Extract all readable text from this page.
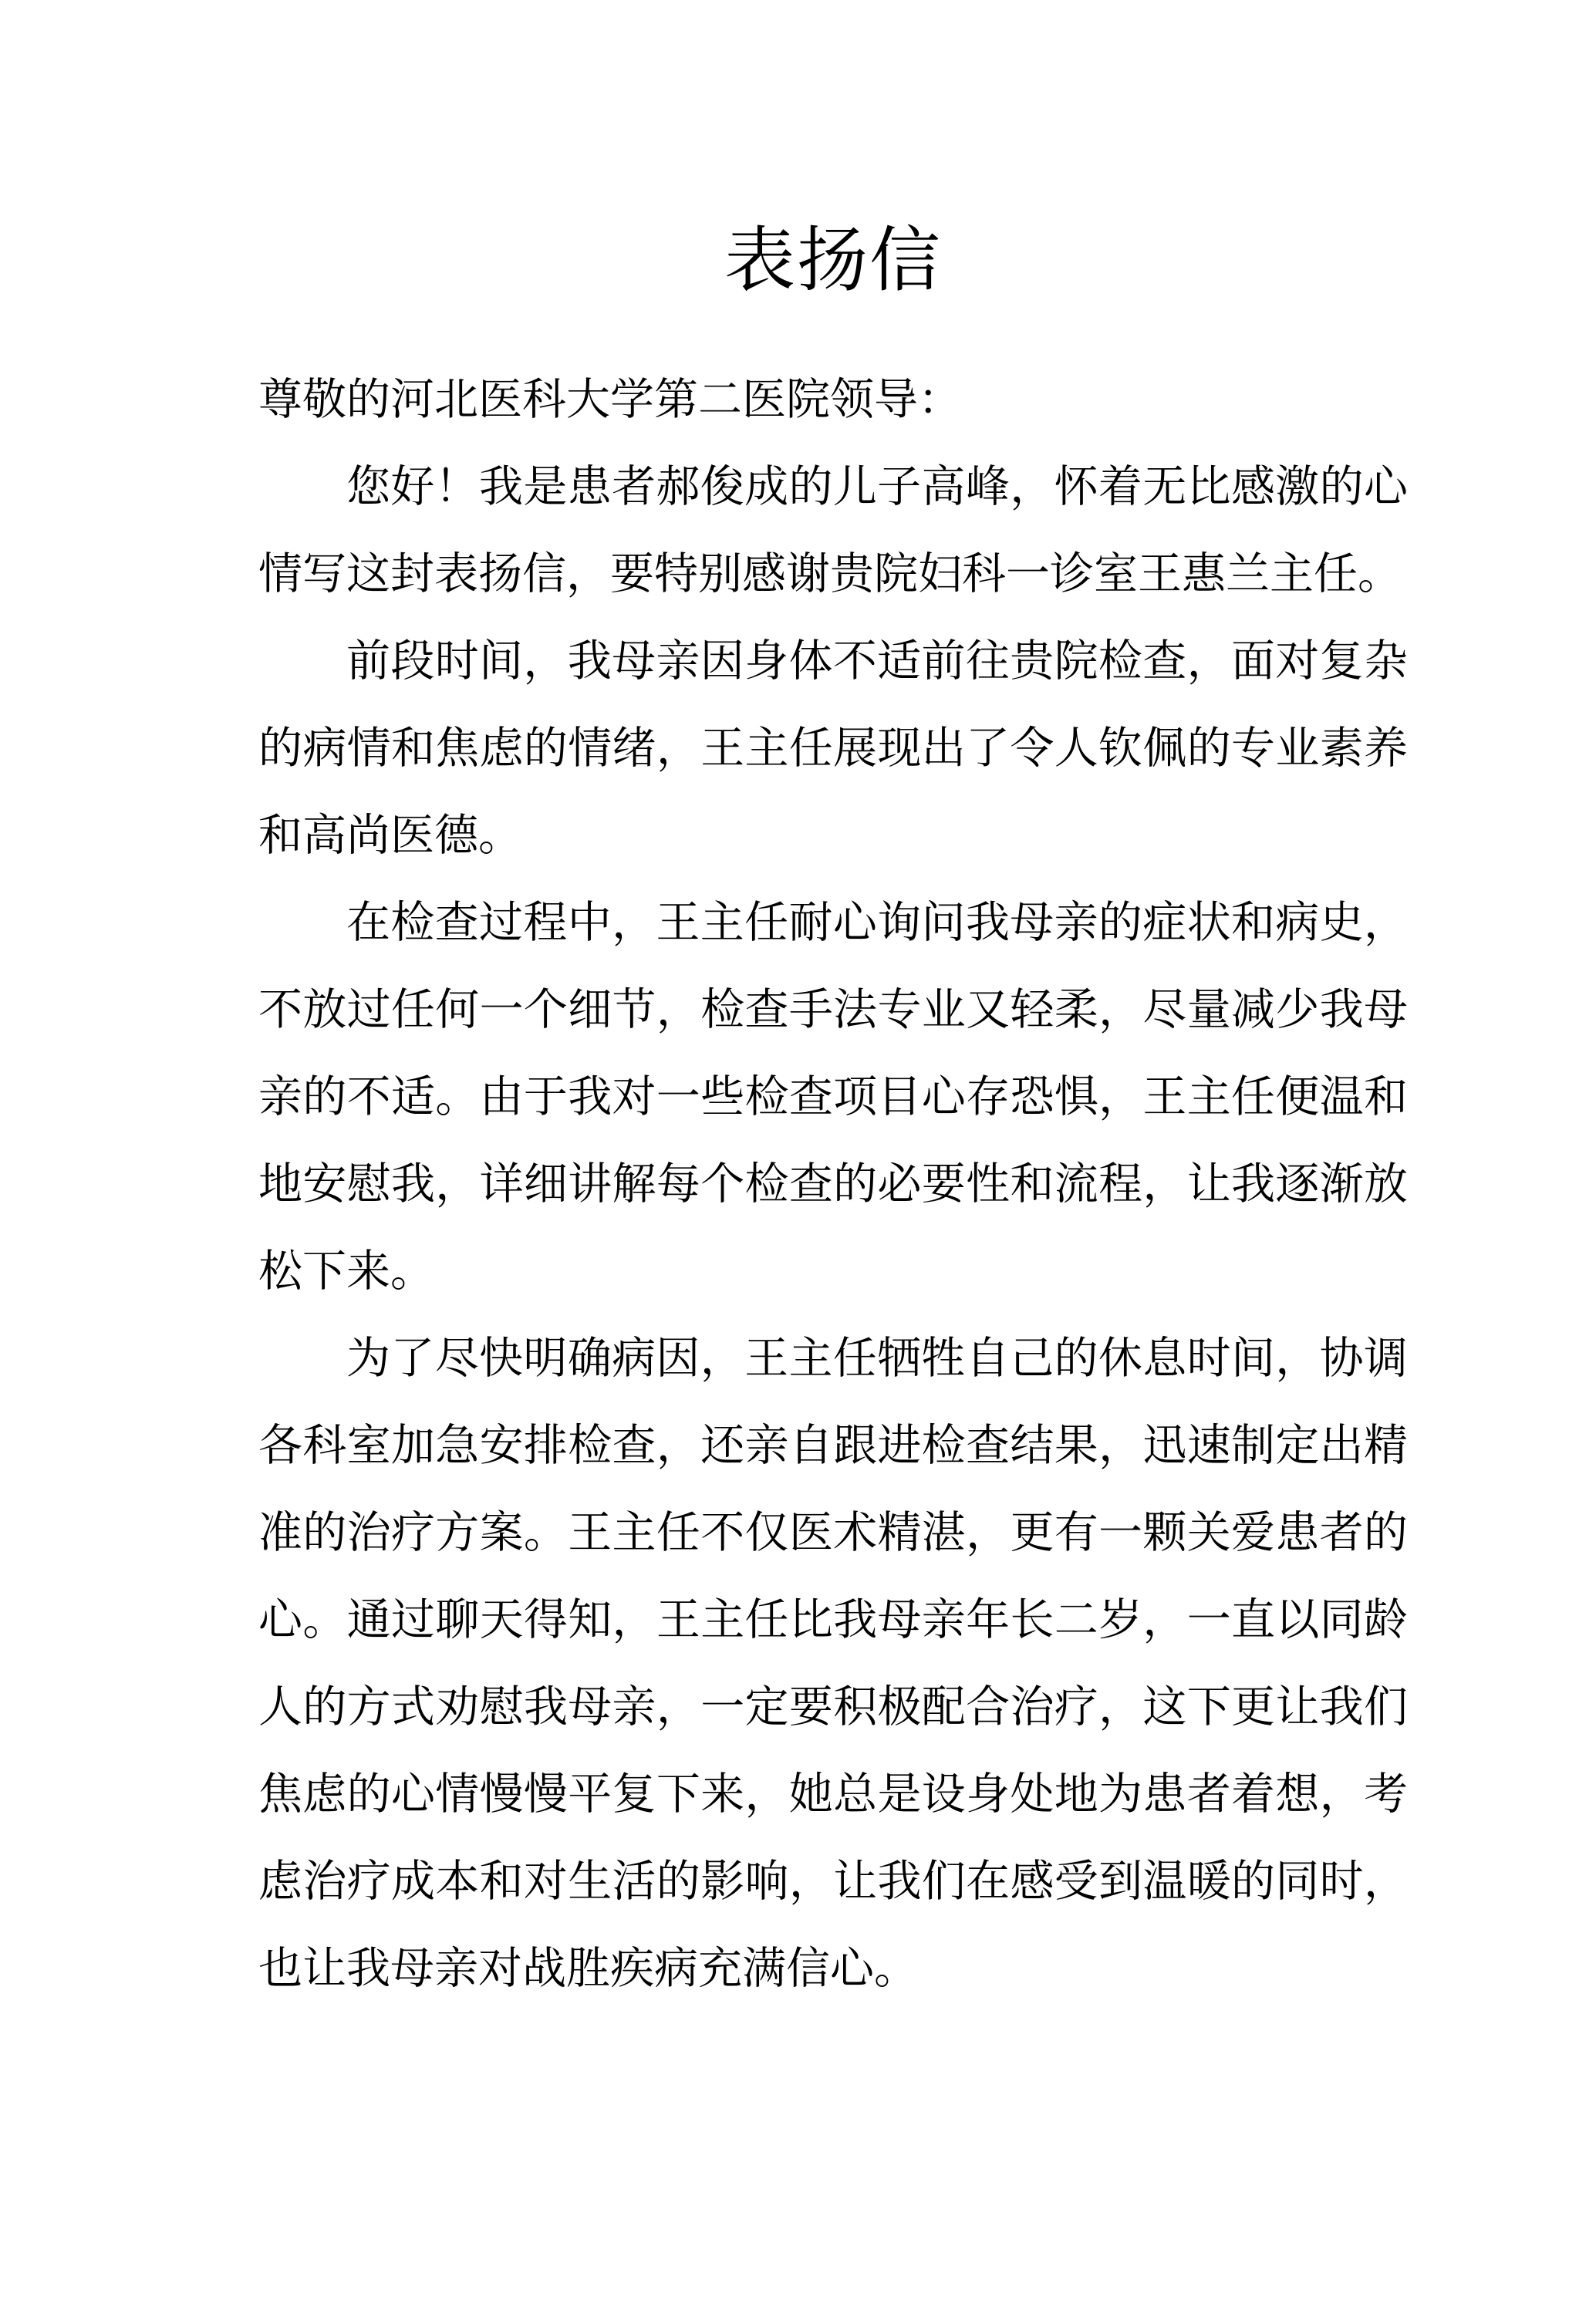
表扬信

尊敬的河北医科大学第二医院领导：

您好！我是患者郝俊成的儿子高峰，怀着无比感激的心情写这封表扬信，要特别感谢贵院妇科一诊室王惠兰主任。

前段时间，我母亲因身体不适前往贵院检查，面对复杂的病情和焦虑的情绪，王主任展现出了令人钦佩的专业素养和高尚医德。

在检查过程中，王主任耐心询问我母亲的症状和病史，不放过任何一个细节，检查手法专业又轻柔，尽量减少我母亲的不适。由于我对一些检查项目心存恐惧，王主任便温和地安慰我，详细讲解每个检查的必要性和流程，让我逐渐放松下来。

为了尽快明确病因，王主任牺牲自己的休息时间，协调各科室加急安排检查，还亲自跟进检查结果，迅速制定出精准的治疗方案。王主任不仅医术精湛，更有一颗关爱患者的心。通过聊天得知，王主任比我母亲年长二岁，一直以同龄人的方式劝慰我母亲，一定要积极配合治疗，这下更让我们焦虑的心情慢慢平复下来，她总是设身处地为患者着想，考虑治疗成本和对生活的影响，让我们在感受到温暖的同时，也让我母亲对战胜疾病充满信心。
